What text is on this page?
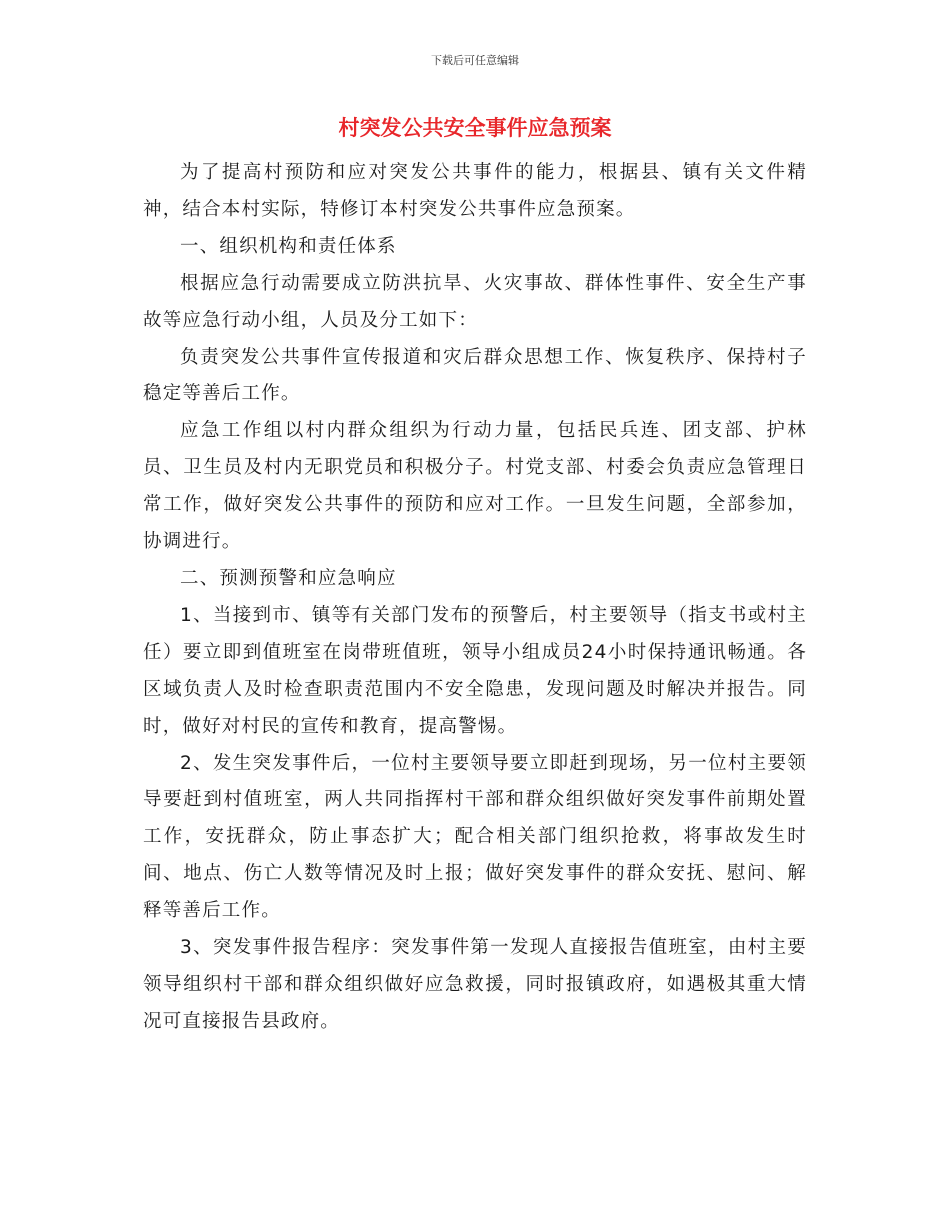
下载后可任意编辑
村突发公共安全事件应急预案

为了提高村预防和应对突发公共事件的能力，根据县、镇有关文件精神，结合本村实际，特修订本村突发公共事件应急预案。

一、组织机构和责任体系

根据应急行动需要成立防洪抗旱、火灾事故、群体性事件、安全生产事故等应急行动小组，人员及分工如下：

负责突发公共事件宣传报道和灾后群众思想工作、恢复秩序、保持村子稳定等善后工作。

应急工作组以村内群众组织为行动力量，包括民兵连、团支部、护林员、卫生员及村内无职党员和积极分子。村党支部、村委会负责应急管理日常工作，做好突发公共事件的预防和应对工作。一旦发生问题，全部参加，协调进行。

二、预测预警和应急响应

1、当接到市、镇等有关部门发布的预警后，村主要领导（指支书或村主任）要立即到值班室在岗带班值班，领导小组成员24小时保持通讯畅通。各区域负责人及时检查职责范围内不安全隐患，发现问题及时解决并报告。同时，做好对村民的宣传和教育，提高警惕。

2、发生突发事件后，一位村主要领导要立即赶到现场，另一位村主要领导要赶到村值班室，两人共同指挥村干部和群众组织做好突发事件前期处置工作，安抚群众，防止事态扩大；配合相关部门组织抢救，将事故发生时间、地点、伤亡人数等情况及时上报；做好突发事件的群众安抚、慰问、解释等善后工作。

3、突发事件报告程序：突发事件第一发现人直接报告值班室，由村主要领导组织村干部和群众组织做好应急救援，同时报镇政府，如遇极其重大情况可直接报告县政府。
